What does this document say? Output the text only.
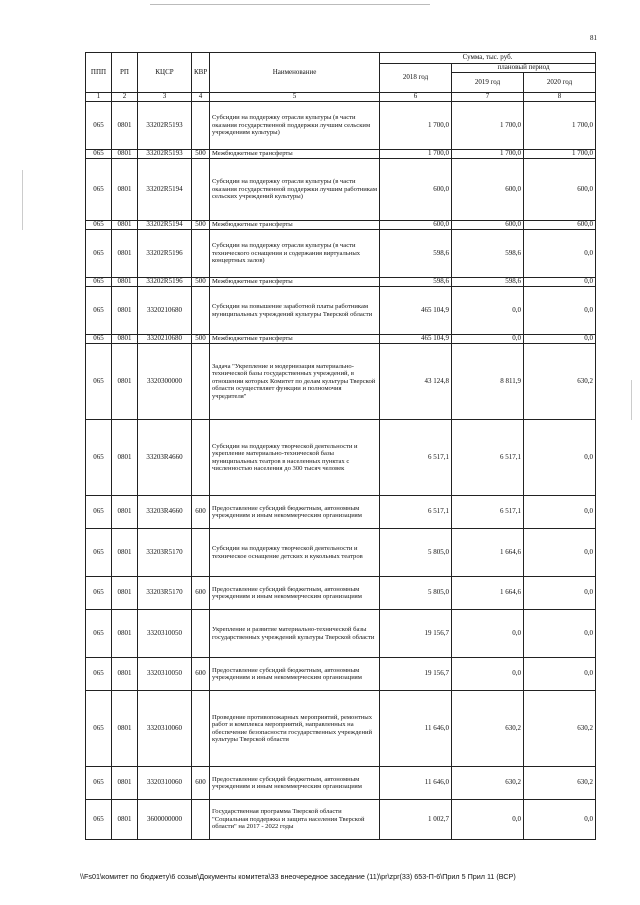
81
ППП	РП	КЦСР	КВР	Наименование	Сумма, тыс. руб.		
					2018 год	плановый период	
						2019 год	2020 год
1	2	3	4	5	6	7	8
065	0801	33202R5193		Субсидии на поддержку отрасли культуры (в части оказания государственной поддержки лучшим сельским учреждениям культуры)	1 700,0	1 700,0	1 700,0
065	0801	33202R5193	500	Межбюджетные трансферты	1 700,0	1 700,0	1 700,0
065	0801	33202R5194		Субсидии на поддержку отрасли культуры (в части оказания государственной поддержки лучшим работникам сельских учреждений культуры)	600,0	600,0	600,0
065	0801	33202R5194	500	Межбюджетные трансферты	600,0	600,0	600,0
065	0801	33202R5196		Субсидии на поддержку отрасли культуры (в части технического оснащения и содержания виртуальных концертных залов)	598,6	598,6	0,0
065	0801	33202R5196	500	Межбюджетные трансферты	598,6	598,6	0,0
065	0801	3320210680		Субсидии на повышение заработной платы работникам муниципальных учреждений культуры Тверской области	465 104,9	0,0	0,0
065	0801	3320210680	500	Межбюджетные трансферты	465 104,9	0,0	0,0
065	0801	3320300000		Задача "Укрепление и модернизация материально-технической базы государственных учреждений, в отношении которых Комитет по делам культуры Тверской области осуществляет функции и полномочия учредителя"	43 124,8	8 811,9	630,2
065	0801	33203R4660		Субсидии на поддержку творческой деятельности и укрепление материально-технической базы муниципальных театров в населенных пунктах с численностью населения до 300 тысяч человек	6 517,1	6 517,1	0,0
065	0801	33203R4660	600	Предоставление субсидий бюджетным, автономным учреждениям и иным некоммерческим организациям	6 517,1	6 517,1	0,0
065	0801	33203R5170		Субсидии на поддержку творческой деятельности и техническое оснащение детских и кукольных театров	5 805,0	1 664,6	0,0
065	0801	33203R5170	600	Предоставление субсидий бюджетным, автономным учреждениям и иным некоммерческим организациям	5 805,0	1 664,6	0,0
065	0801	3320310050		Укрепление и развитие материально-технической базы государственных учреждений культуры Тверской области	19 156,7	0,0	0,0
065	0801	3320310050	600	Предоставление субсидий бюджетным, автономным учреждениям и иным некоммерческим организациям	19 156,7	0,0	0,0
065	0801	3320310060		Проведение противопожарных мероприятий, ремонтных работ и комплекса мероприятий, направленных на обеспечение безопасности государственных учреждений культуры Тверской области	11 646,0	630,2	630,2
065	0801	3320310060	600	Предоставление субсидий бюджетным, автономным учреждениям и иным некоммерческим организациям	11 646,0	630,2	630,2
065	0801	3600000000		Государственная программа Тверской области "Социальная поддержка и защита населения Тверской области" на 2017 - 2022 годы	1 002,7	0,0	0,0
\\Fs01\комитет по бюджету\6 созыв\Документы комитета\33 внеочередное заседание (11)\pr\zpr(33) 653-П-6\Прил 5 Прил 11 (ВСР)
